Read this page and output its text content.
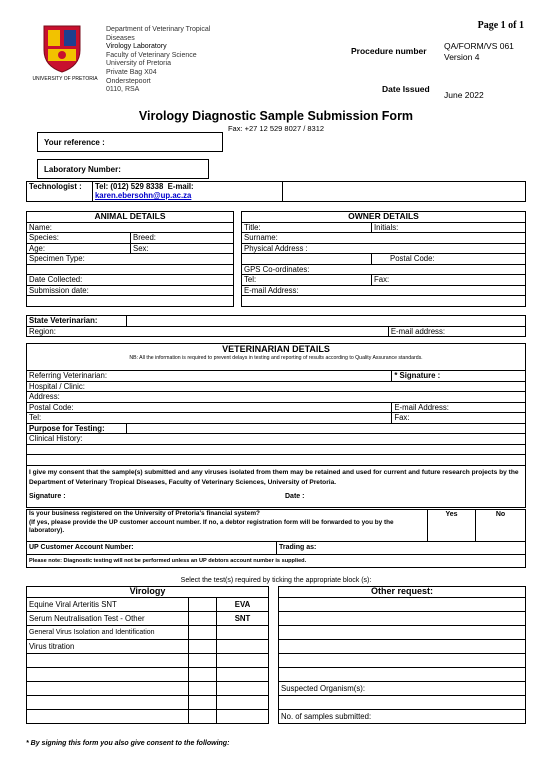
UNIVERSITY OF PRETORIA
Department of Veterinary Tropical
Diseases
Virology Laboratory
Faculty of Veterinary Science
University of Pretoria
Private Bag X04
Onderstepoort
0110, RSA
Page 1 of 1
Procedure number QA/FORM/VS 061
Version 4
Date Issued
June 2022
Virology Diagnostic Sample Submission Form
Fax: +27 12 529 8027 / 8312
Your reference :
Laboratory Number:
Technologist :	Tel: (012) 529 8338 E-mail:
karen.ebersohn@up.ac.za	
ANIMAL DETAILS	
Name:	
Species:	Breed:
Age:	Sex:
Specimen Type:	

Date Collected:	
Submission date:	

OWNER DETAILS	
Title:	Initials:
Surname:	
Physical Address :	
	Postal Code:
GPS Co-ordinates:	
Tel:	Fax:
E-mail Address:	

State Veterinarian:		
Region:		E-mail address:
VETERINARIAN DETAILS
NB: All the information is required to prevent delays in testing and reporting of results according to Quality Assurance standards.		

Referring Veterinarian:		* Signature :
Hospital / Clinic:		
Address:		
Postal Code:		E-mail Address:
Tel:		Fax:
Purpose for Testing:		
Clinical History:		

I give my consent that the sample(s) submitted and any viruses isolated from them may be retained and used for current and future research projects by the Department of Veterinary Tropical Diseases, Faculty of Veterinary Sciences, University of Pretoria.
Signature : Date :		
Is your business registered on the University of Pretoria's financial system?
(If yes, please provide the UP customer account number. If no, a debtor registration form will be forwarded to you by the laboratory).		Yes	No
UP Customer Account Number:	Trading as:		
Please note: Diagnostic testing will not be performed unless an UP debtors account number is supplied.			
Select the test(s) required by ticking the appropriate block (s):
Virology				Other request:
Equine Viral Arteritis SNT		EVA		
Serum Neutralisation Test - Other		SNT		
General Virus Isolation and Identification				
Virus titration				

				Suspected Organism(s):

				No. of samples submitted:
* By signing this form you also give consent to the following:
